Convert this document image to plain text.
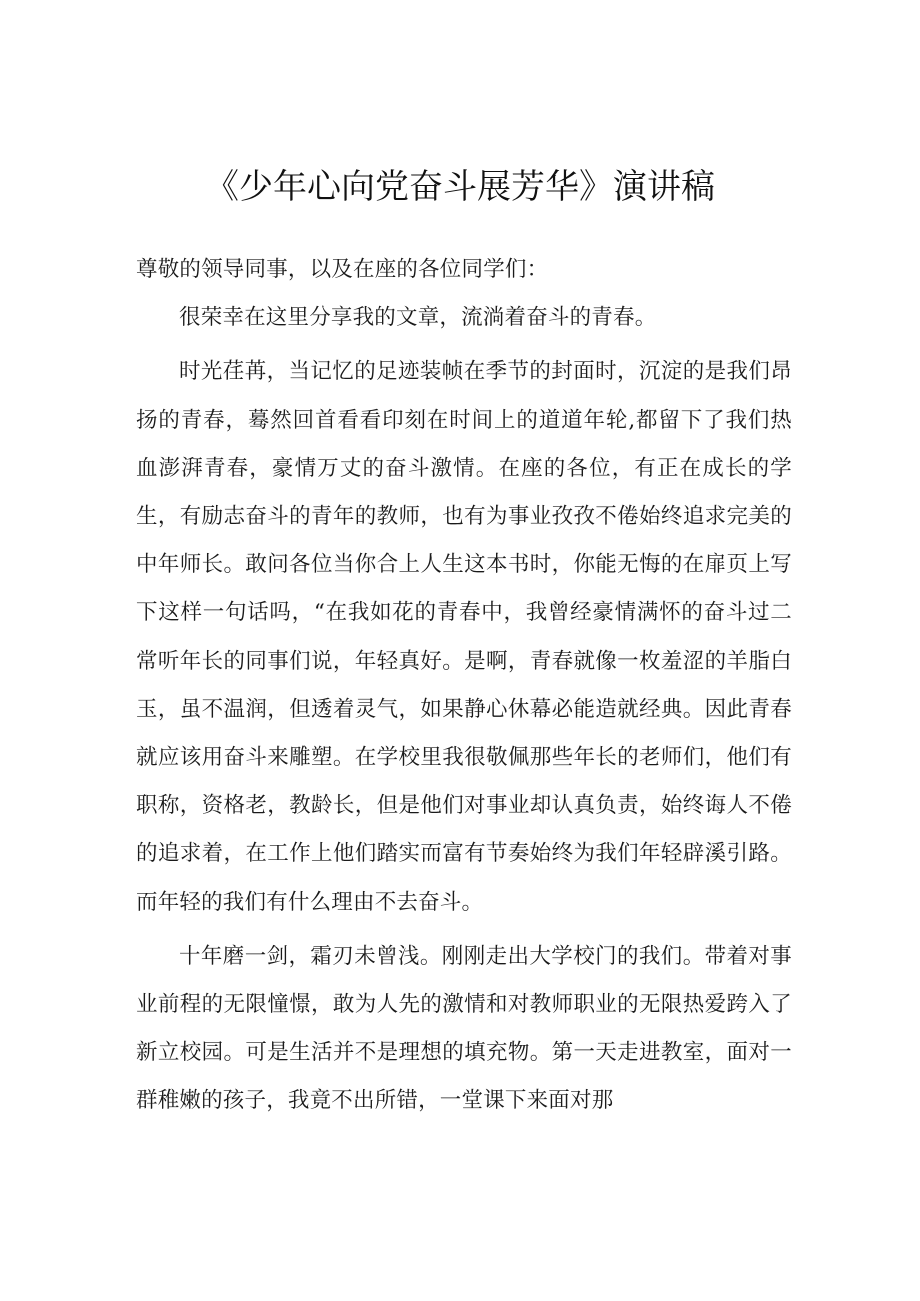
《少年心向党奋斗展芳华》演讲稿

尊敬的领导同事，以及在座的各位同学们：

很荣幸在这里分享我的文章，流淌着奋斗的青春。

时光荏苒，当记忆的足迹装帧在季节的封面时，沉淀的是我们昂扬的青春，蓦然回首看看印刻在时间上的道道年轮,都留下了我们热血澎湃青春，豪情万丈的奋斗激情。在座的各位，有正在成长的学生，有励志奋斗的青年的教师，也有为事业孜孜不倦始终追求完美的中年师长。敢问各位当你合上人生这本书时，你能无悔的在扉页上写下这样一句话吗，“在我如花的青春中，我曾经豪情满怀的奋斗过二常听年长的同事们说，年轻真好。是啊，青春就像一枚羞涩的羊脂白玉，虽不温润，但透着灵气，如果静心休幕必能造就经典。因此青春就应该用奋斗来雕塑。在学校里我很敬佩那些年长的老师们，他们有职称，资格老，教龄长，但是他们对事业却认真负责，始终诲人不倦的追求着，在工作上他们踏实而富有节奏始终为我们年轻辟溪引路。而年轻的我们有什么理由不去奋斗。

十年磨一剑，霜刃未曾浅。刚刚走出大学校门的我们。带着对事业前程的无限憧憬，敢为人先的激情和对教师职业的无限热爱跨入了新立校园。可是生活并不是理想的填充物。第一天走进教室，面对一群稚嫩的孩子，我竟不出所错，一堂课下来面对那
